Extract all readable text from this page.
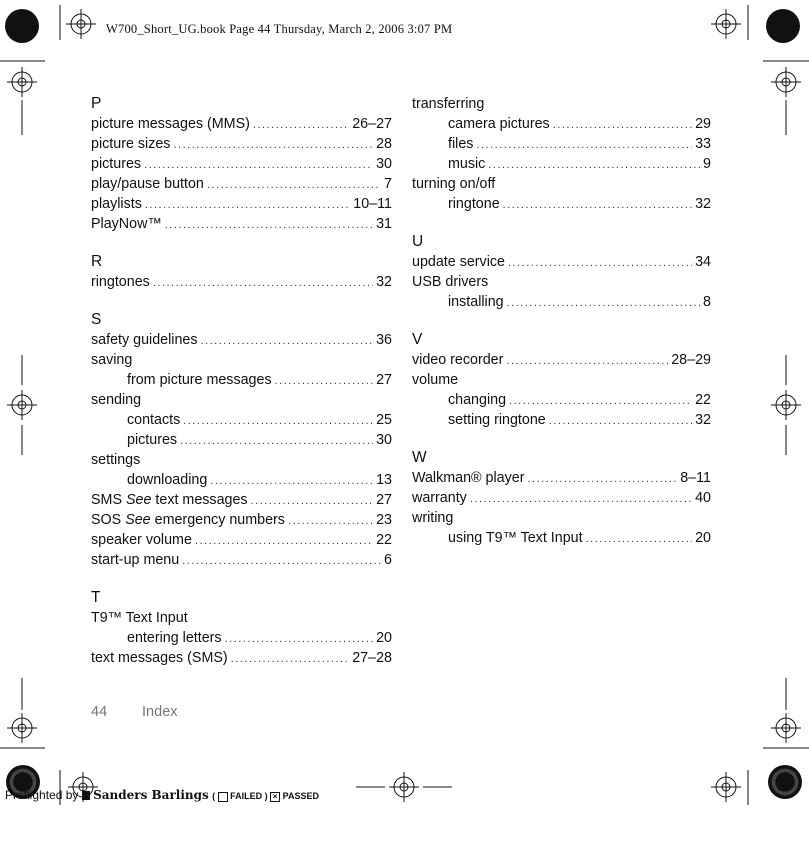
W700_Short_UG.book Page 44 Thursday, March 2, 2006 3:07 PM
P
picture messages (MMS) .....	26–27
picture sizes .....	28
pictures .....	30
play/pause button .....	7
playlists .....	10–11
PlayNow™ .....	31
R
ringtones .....	32
S
safety guidelines .....	36
saving
from picture messages .....	27
sending
contacts .....	25
pictures .....	30
settings
downloading .....	13
SMS See text messages .....	27
SOS See emergency numbers .....	23
speaker volume .....	22
start-up menu .....	6
T
T9™ Text Input
entering letters .....	20
text messages (SMS) .....	27–28
transferring
camera pictures .....	29
files .....	33
music .....	9
turning on/off
ringtone .....	32
U
update service .....	34
USB drivers
installing .....	8
V
video recorder .....	28–29
volume
changing .....	22
setting ringtone .....	32
W
Walkman® player .....	8–11
warranty .....	40
writing
using T9™ Text Input .....	20
44 Index
Preflighted by Sanders Barlings (  FAILED ) × PASSED
